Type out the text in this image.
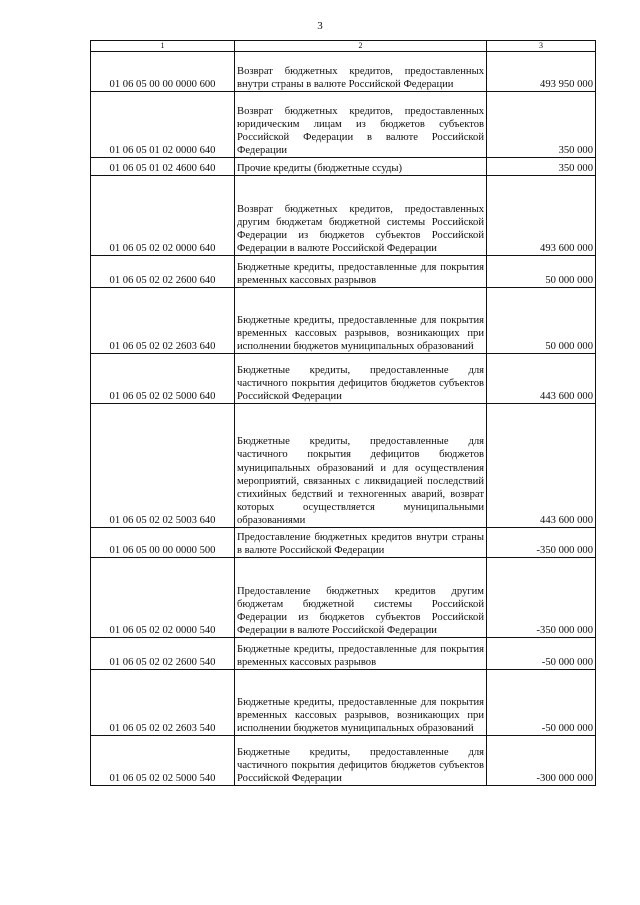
3
1	2	3
01 06 05 00 00 0000 600	Возврат бюджетных кредитов, предоставленных внутри страны в валюте Российской Федерации	493 950 000
01 06 05 01 02 0000 640	Возврат бюджетных кредитов, предоставленных юридическим лицам из бюджетов субъектов Российской Федерации в валюте Российской Федерации	350 000
01 06 05 01 02 4600 640	Прочие кредиты (бюджетные ссуды)	350 000
01 06 05 02 02 0000 640	Возврат бюджетных кредитов, предоставленных другим бюджетам бюджетной системы Российской Федерации из бюджетов субъектов Российской Федерации в валюте Российской Федерации	493 600 000
01 06 05 02 02 2600 640	Бюджетные кредиты, предоставленные для покрытия временных кассовых разрывов	50 000 000
01 06 05 02 02 2603 640	Бюджетные кредиты, предоставленные для покрытия временных кассовых разрывов, возникающих при исполнении бюджетов муниципальных образований	50 000 000
01 06 05 02 02 5000 640	Бюджетные кредиты, предоставленные для частичного покрытия дефицитов бюджетов субъектов Российской Федерации	443 600 000
01 06 05 02 02 5003 640	Бюджетные кредиты, предоставленные для частичного покрытия дефицитов бюджетов муниципальных образований и для осуществления мероприятий, связанных с ликвидацией последствий стихийных бедствий и техногенных аварий, возврат которых осуществляется муниципальными образованиями	443 600 000
01 06 05 00 00 0000 500	Предоставление бюджетных кредитов внутри страны в валюте Российской Федерации	-350 000 000
01 06 05 02 02 0000 540	Предоставление бюджетных кредитов другим бюджетам бюджетной системы Российской Федерации из бюджетов субъектов Российской Федерации в валюте Российской Федерации	-350 000 000
01 06 05 02 02 2600 540	Бюджетные кредиты, предоставленные для покрытия временных кассовых разрывов	-50 000 000
01 06 05 02 02 2603 540	Бюджетные кредиты, предоставленные для покрытия временных кассовых разрывов, возникающих при исполнении бюджетов муниципальных образований	-50 000 000
01 06 05 02 02 5000 540	Бюджетные кредиты, предоставленные для частичного покрытия дефицитов бюджетов субъектов Российской Федерации	-300 000 000
